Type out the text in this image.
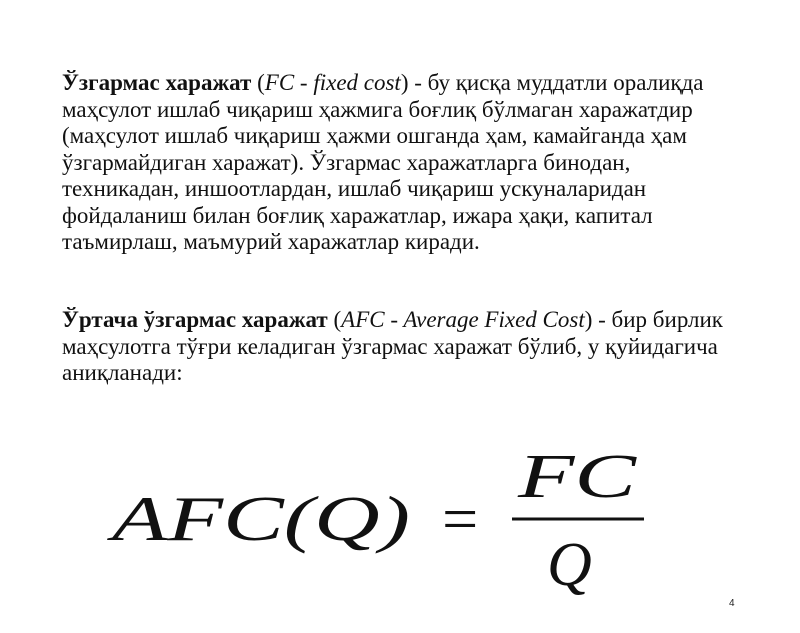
Ўзгармас харажат (FC - fixed cost) - бу қисқа муддатли оралиқда маҳсулот ишлаб чиқариш ҳажмига боғлиқ бўлмаган харажатдир (маҳсулот ишлаб чиқариш ҳажми ошганда ҳам, камайганда ҳам ўзгармайдиган харажат). Ўзгармас харажатларга бинодан, техникадан, иншоотлардан, ишлаб чиқариш ускуналаридан фойдаланиш билан боғлиқ харажатлар, ижара ҳақи, капитал таъмирлаш, маъмурий харажатлар киради.
Ўртача ўзгармас харажат (AFC - Average Fixed Cost) - бир бирлик маҳсулотга тўғри келадиган ўзгармас харажат бўлиб, у қуйидагича аниқланади:
AFC(Q) =
FC
Q
4
